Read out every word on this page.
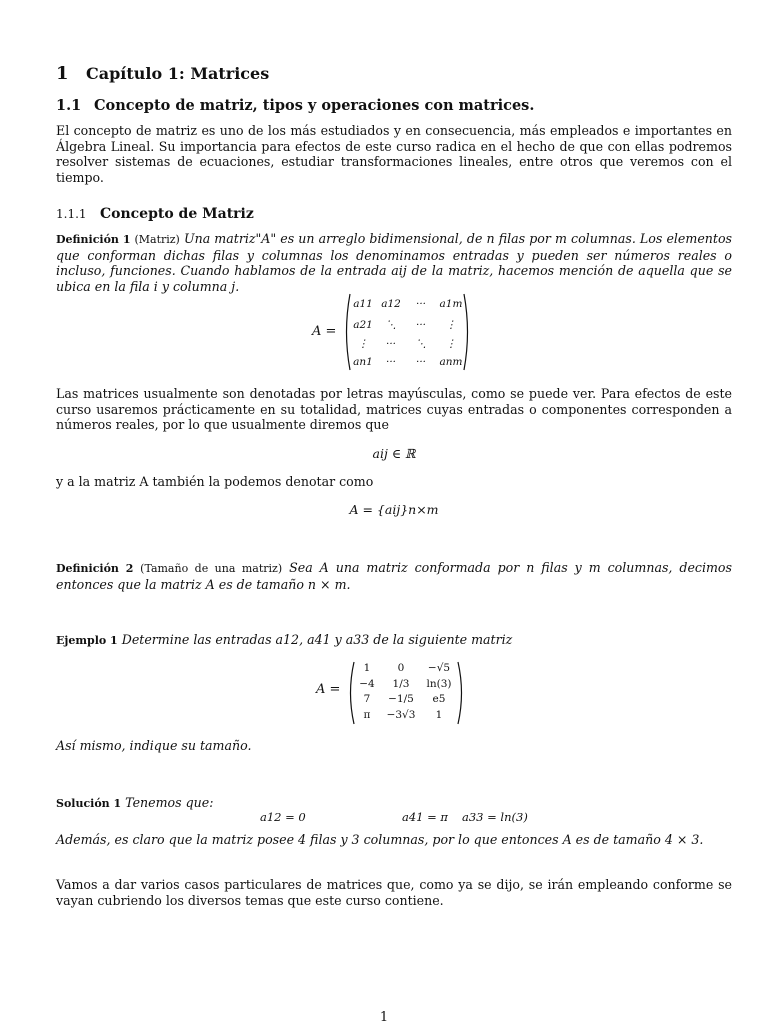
1 Capítulo 1: Matrices
1.1 Concepto de matriz, tipos y operaciones con matrices.
El concepto de matriz es uno de los más estudiados y en consecuencia, más empleados e importantes en Álgebra Lineal. Su importancia para efectos de este curso radica en el hecho de que con ellas podremos resolver sistemas de ecuaciones, estudiar transformaciones lineales, entre otros que veremos con el tiempo.
1.1.1 Concepto de Matriz
Definición 1 (Matriz) Una matriz"A" es un arreglo bidimensional, de n filas por m columnas. Los elementos que conforman dichas filas y columnas los denominamos entradas y pueden ser números reales o incluso, funciones. Cuando hablamos de la entrada aij de la matriz, hacemos mención de aquella que se ubica en la fila i y columna j.
A =
a11 a12	···	a1m
a21	⋱	···	⋮
⋮	···	⋱	⋮
an1	···	···	anm
Las matrices usualmente son denotadas por letras mayúsculas, como se puede ver. Para efectos de este curso usaremos prácticamente en su totalidad, matrices cuyas entradas o componentes corresponden a números reales, por lo que usualmente diremos que
aij ∈ ℝ
y a la matriz A también la podemos denotar como
A = {aij}n×m
Definición 2 (Tamaño de una matriz) Sea A una matriz conformada por n filas y m columnas, decimos entonces que la matriz A es de tamaño n × m.
Ejemplo 1 Determine las entradas a12, a41 y a33 de la siguiente matriz
A =
1	0	−√5
−4	1/3	ln(3)
7	−1/5	e5
π	−3√3	1
Así mismo, indique su tamaño.
Solución 1 Tenemos que:
a12 = 0	a41 = π a33 = ln(3)
Además, es claro que la matriz posee 4 filas y 3 columnas, por lo que entonces A es de tamaño 4 × 3.
Vamos a dar varios casos particulares de matrices que, como ya se dijo, se irán empleando conforme se vayan cubriendo los diversos temas que este curso contiene.
1
